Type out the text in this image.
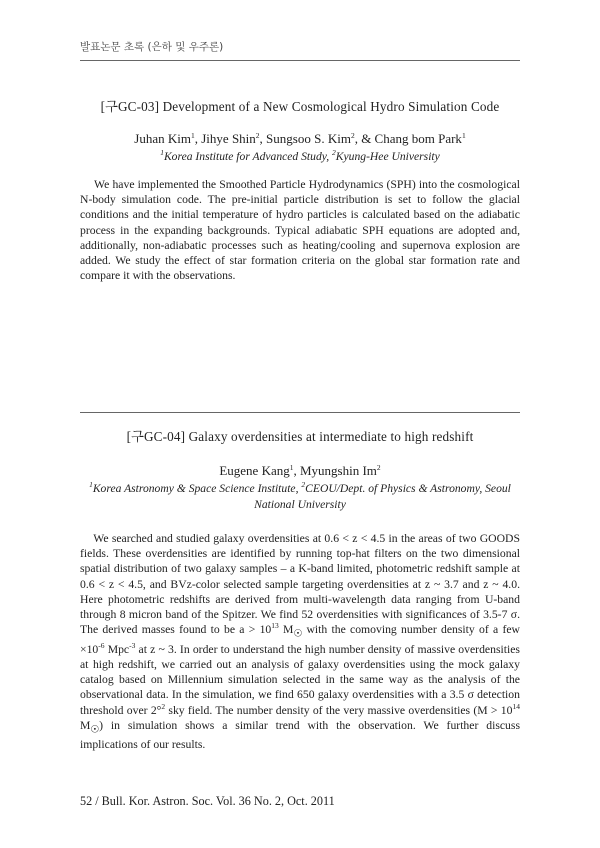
발표논문 초록 (은하 및 우주론)
[구GC-03] Development of a New Cosmological Hydro Simulation Code
Juhan Kim$^1$, Jihye Shin$^2$, Sungsoo S. Kim$^2$, & Chang bom Park$^1$
$^1$Korea Institute for Advanced Study, $^2$Kyung-Hee University
We have implemented the Smoothed Particle Hydrodynamics (SPH) into the cosmological N-body simulation code. The pre-initial particle distribution is set to follow the glacial conditions and the initial temperature of hydro particles is calculated based on the adiabatic process in the expanding backgrounds. Typical adiabatic SPH equations are adopted and, additionally, non-adiabatic processes such as heating/cooling and supernova explosion are added. We study the effect of star formation criteria on the global star formation rate and compare it with the observations.
[구GC-04] Galaxy overdensities at intermediate to high redshift
Eugene Kang$^1$, Myungshin Im$^2$
$^1$Korea Astronomy & Space Science Institute, $^2$CEOU/Dept. of Physics & Astronomy, Seoul National University
We searched and studied galaxy overdensities at 0.6 < z < 4.5 in the areas of two GOODS fields. These overdensities are identified by running top-hat filters on the two dimensional spatial distribution of two galaxy samples – a K-band limited, photometric redshift sample at 0.6 < z < 4.5, and BVz-color selected sample targeting overdensities at z ~ 3.7 and z ~ 4.0. Here photometric redshifts are derived from multi-wavelength data ranging from U-band through 8 micron band of the Spitzer. We find 52 overdensities with significances of 3.5-7 σ. The derived masses found to be $a > 10^{13}$ $M_☉$ with the comoving number density of a few $\times 10^{-6}$ Mpc$^{-3}$ at z ~ 3. In order to understand the high number density of massive overdensities at high redshift, we carried out an analysis of galaxy overdensities using the mock galaxy catalog based on Millennium simulation selected in the same way as the analysis of the observational data. In the simulation, we find 650 galaxy overdensities with a 3.5 σ detection threshold over 2°$^2$ sky field. The number density of the very massive overdensities ($M > 10^{14}$ $M_☉$) in simulation shows a similar trend with the observation. We further discuss implications of our results.
52 / Bull. Kor. Astron. Soc. Vol. 36 No. 2, Oct. 2011
